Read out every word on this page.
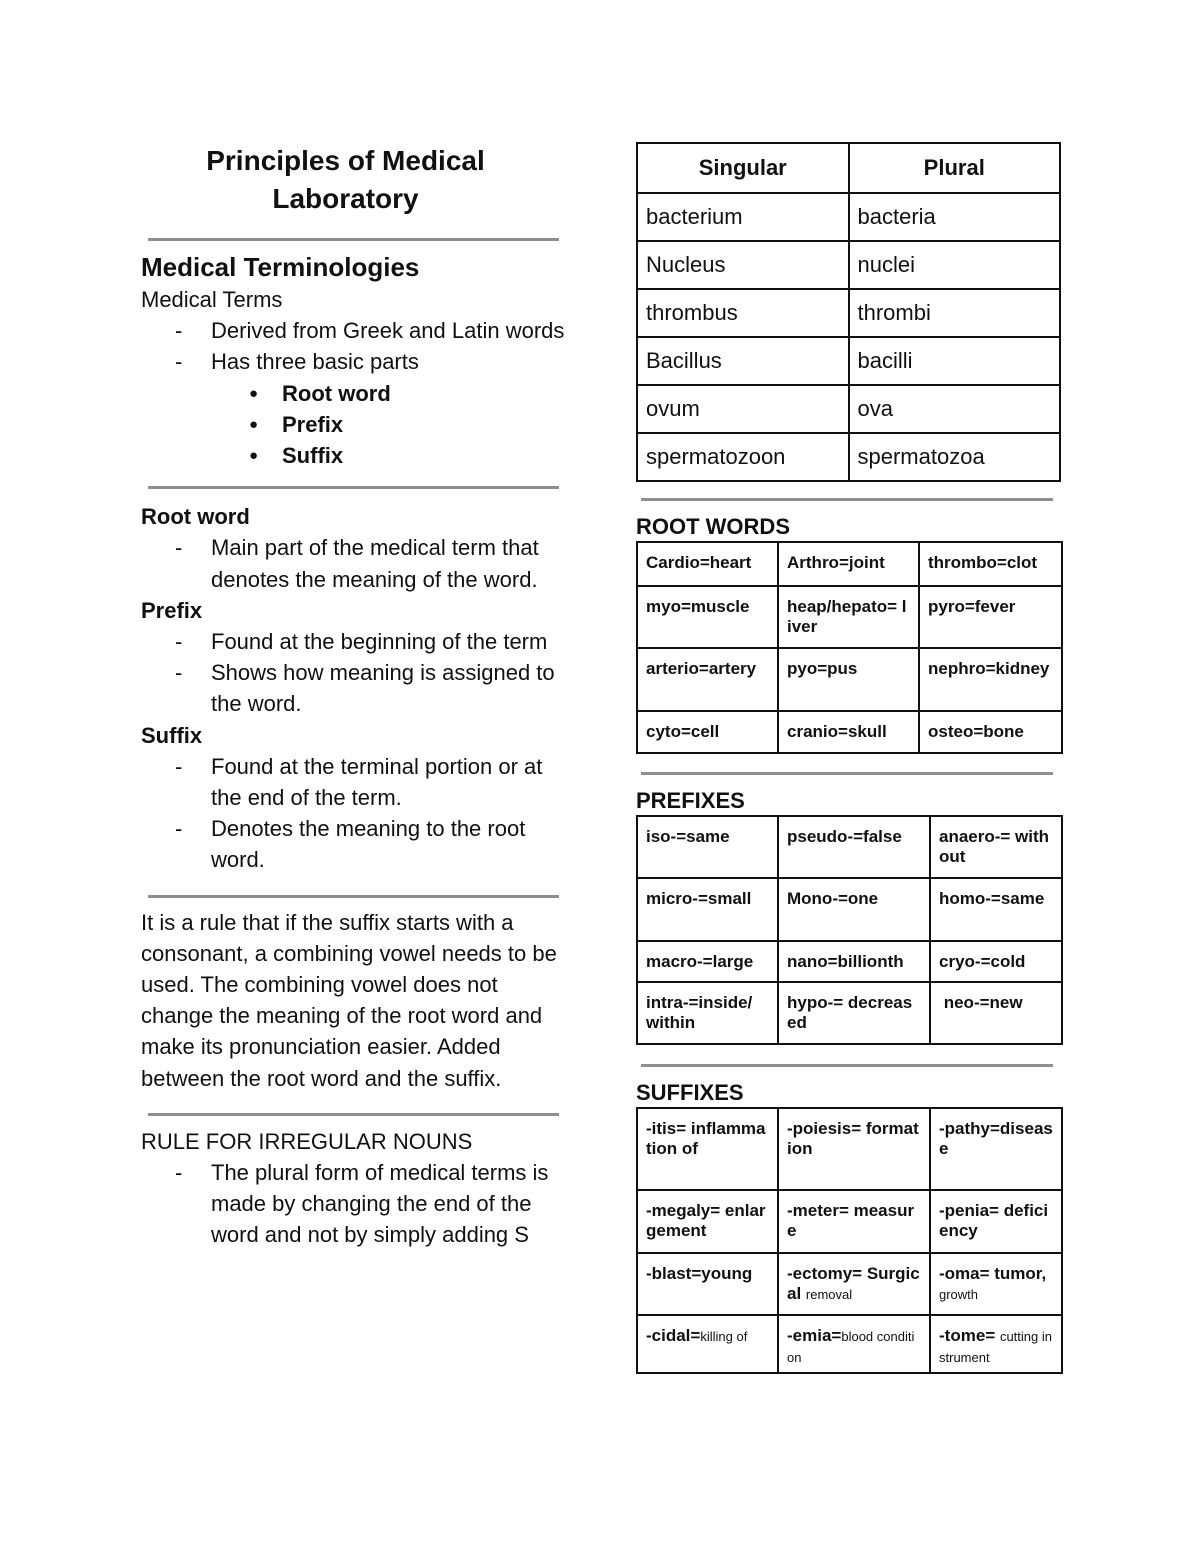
Principles of Medical Laboratory
Medical Terminologies
Medical Terms
- Derived from Greek and Latin words
- Has three basic parts
● Root word
● Prefix
● Suffix
Root word
- Main part of the medical term that denotes the meaning of the word.
Prefix
- Found at the beginning of the term
- Shows how meaning is assigned to the word.
Suffix
- Found at the terminal portion or at the end of the term.
- Denotes the meaning to the root word.
It is a rule that if the suffix starts with a consonant, a combining vowel needs to be used. The combining vowel does not change the meaning of the root word and make its pronunciation easier. Added between the root word and the suffix.
RULE FOR IRREGULAR NOUNS
- The plural form of medical terms is made by changing the end of the word and not by simply adding S
Singular	Plural
bacterium	bacteria
Nucleus	nuclei
thrombus	thrombi
Bacillus	bacilli
ovum	ova
spermatozoon	spermatozoa
ROOT WORDS
Cardio=heart	Arthro=joint	thrombo=clot
myo=muscle	heap/hepato= liver	pyro=fever
arterio=artery	pyo=pus	nephro=kidney
cyto=cell	cranio=skull	osteo=bone
PREFIXES
iso-=same	pseudo-=false	anaero-= without
micro-=small	Mono-=one	homo-=same
macro-=large	nano=billionth	cryo-=cold
intra-=inside/ within	hypo-= decreased	neo-=new
SUFFIXES
-itis= inflammation of	-poiesis= formation	-pathy=disease
-megaly= enlargement	-meter= measure	-penia= deficiency
-blast=young	-ectomy= Surgical removal	-oma= tumor,growth
-cidal=killing of	-emia=blood condition	-tome= cutting instrument
